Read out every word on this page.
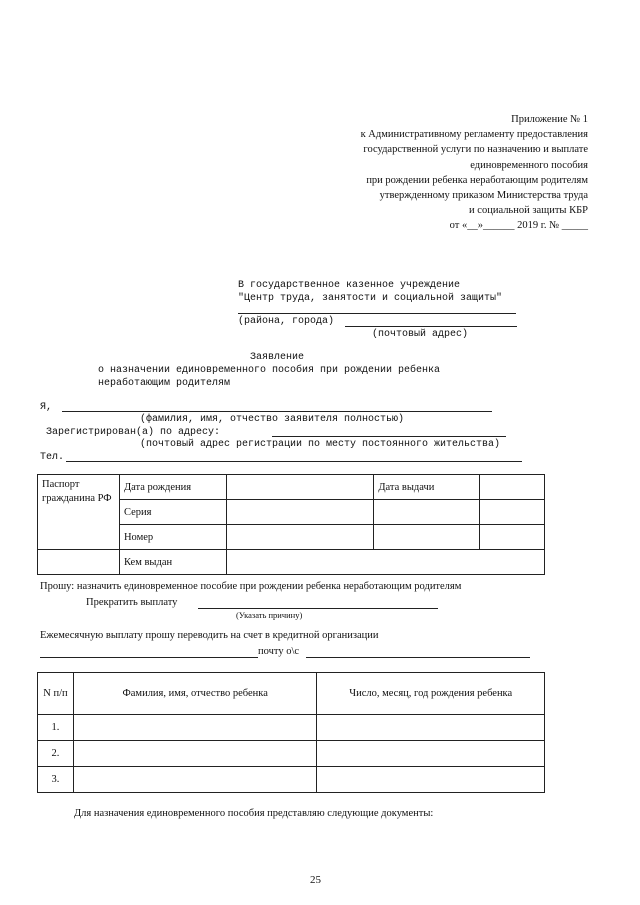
Приложение № 1
к Административному регламенту предоставления
государственной услуги по назначению и выплате
единовременного пособия
при рождении ребенка неработающим родителям
утвержденному приказом Министерства труда
и социальной защиты КБР
от «__»______ 2019 г. № _____
В государственное казенное учреждение
"Центр труда, занятости и социальной защиты"
(района, города)
(почтовый адрес)
Заявление
о назначении единовременного пособия при рождении ребенка
неработающим родителям
Я,
(фамилия, имя, отчество заявителя полностью)
Зарегистрирован(а) по адресу:
(почтовый адрес регистрации по месту постоянного жительства)
Тел.
Паспорт гражданина РФ	Дата рождения		Дата выдачи	
	Серия			
	Номер			
	Кем выдан			
Прошу: назначить единовременное пособие при рождении ребенка неработающим родителям
Прекратить выплату
(Указать причину)
Ежемесячную выплату прошу переводить на счет в кредитной организации
почту о\с
N п/п	Фамилия, имя, отчество ребенка	Число, месяц, год рождения ребенка
1.		
2.		
3.		
Для назначения единовременного пособия представляю следующие документы:
25
